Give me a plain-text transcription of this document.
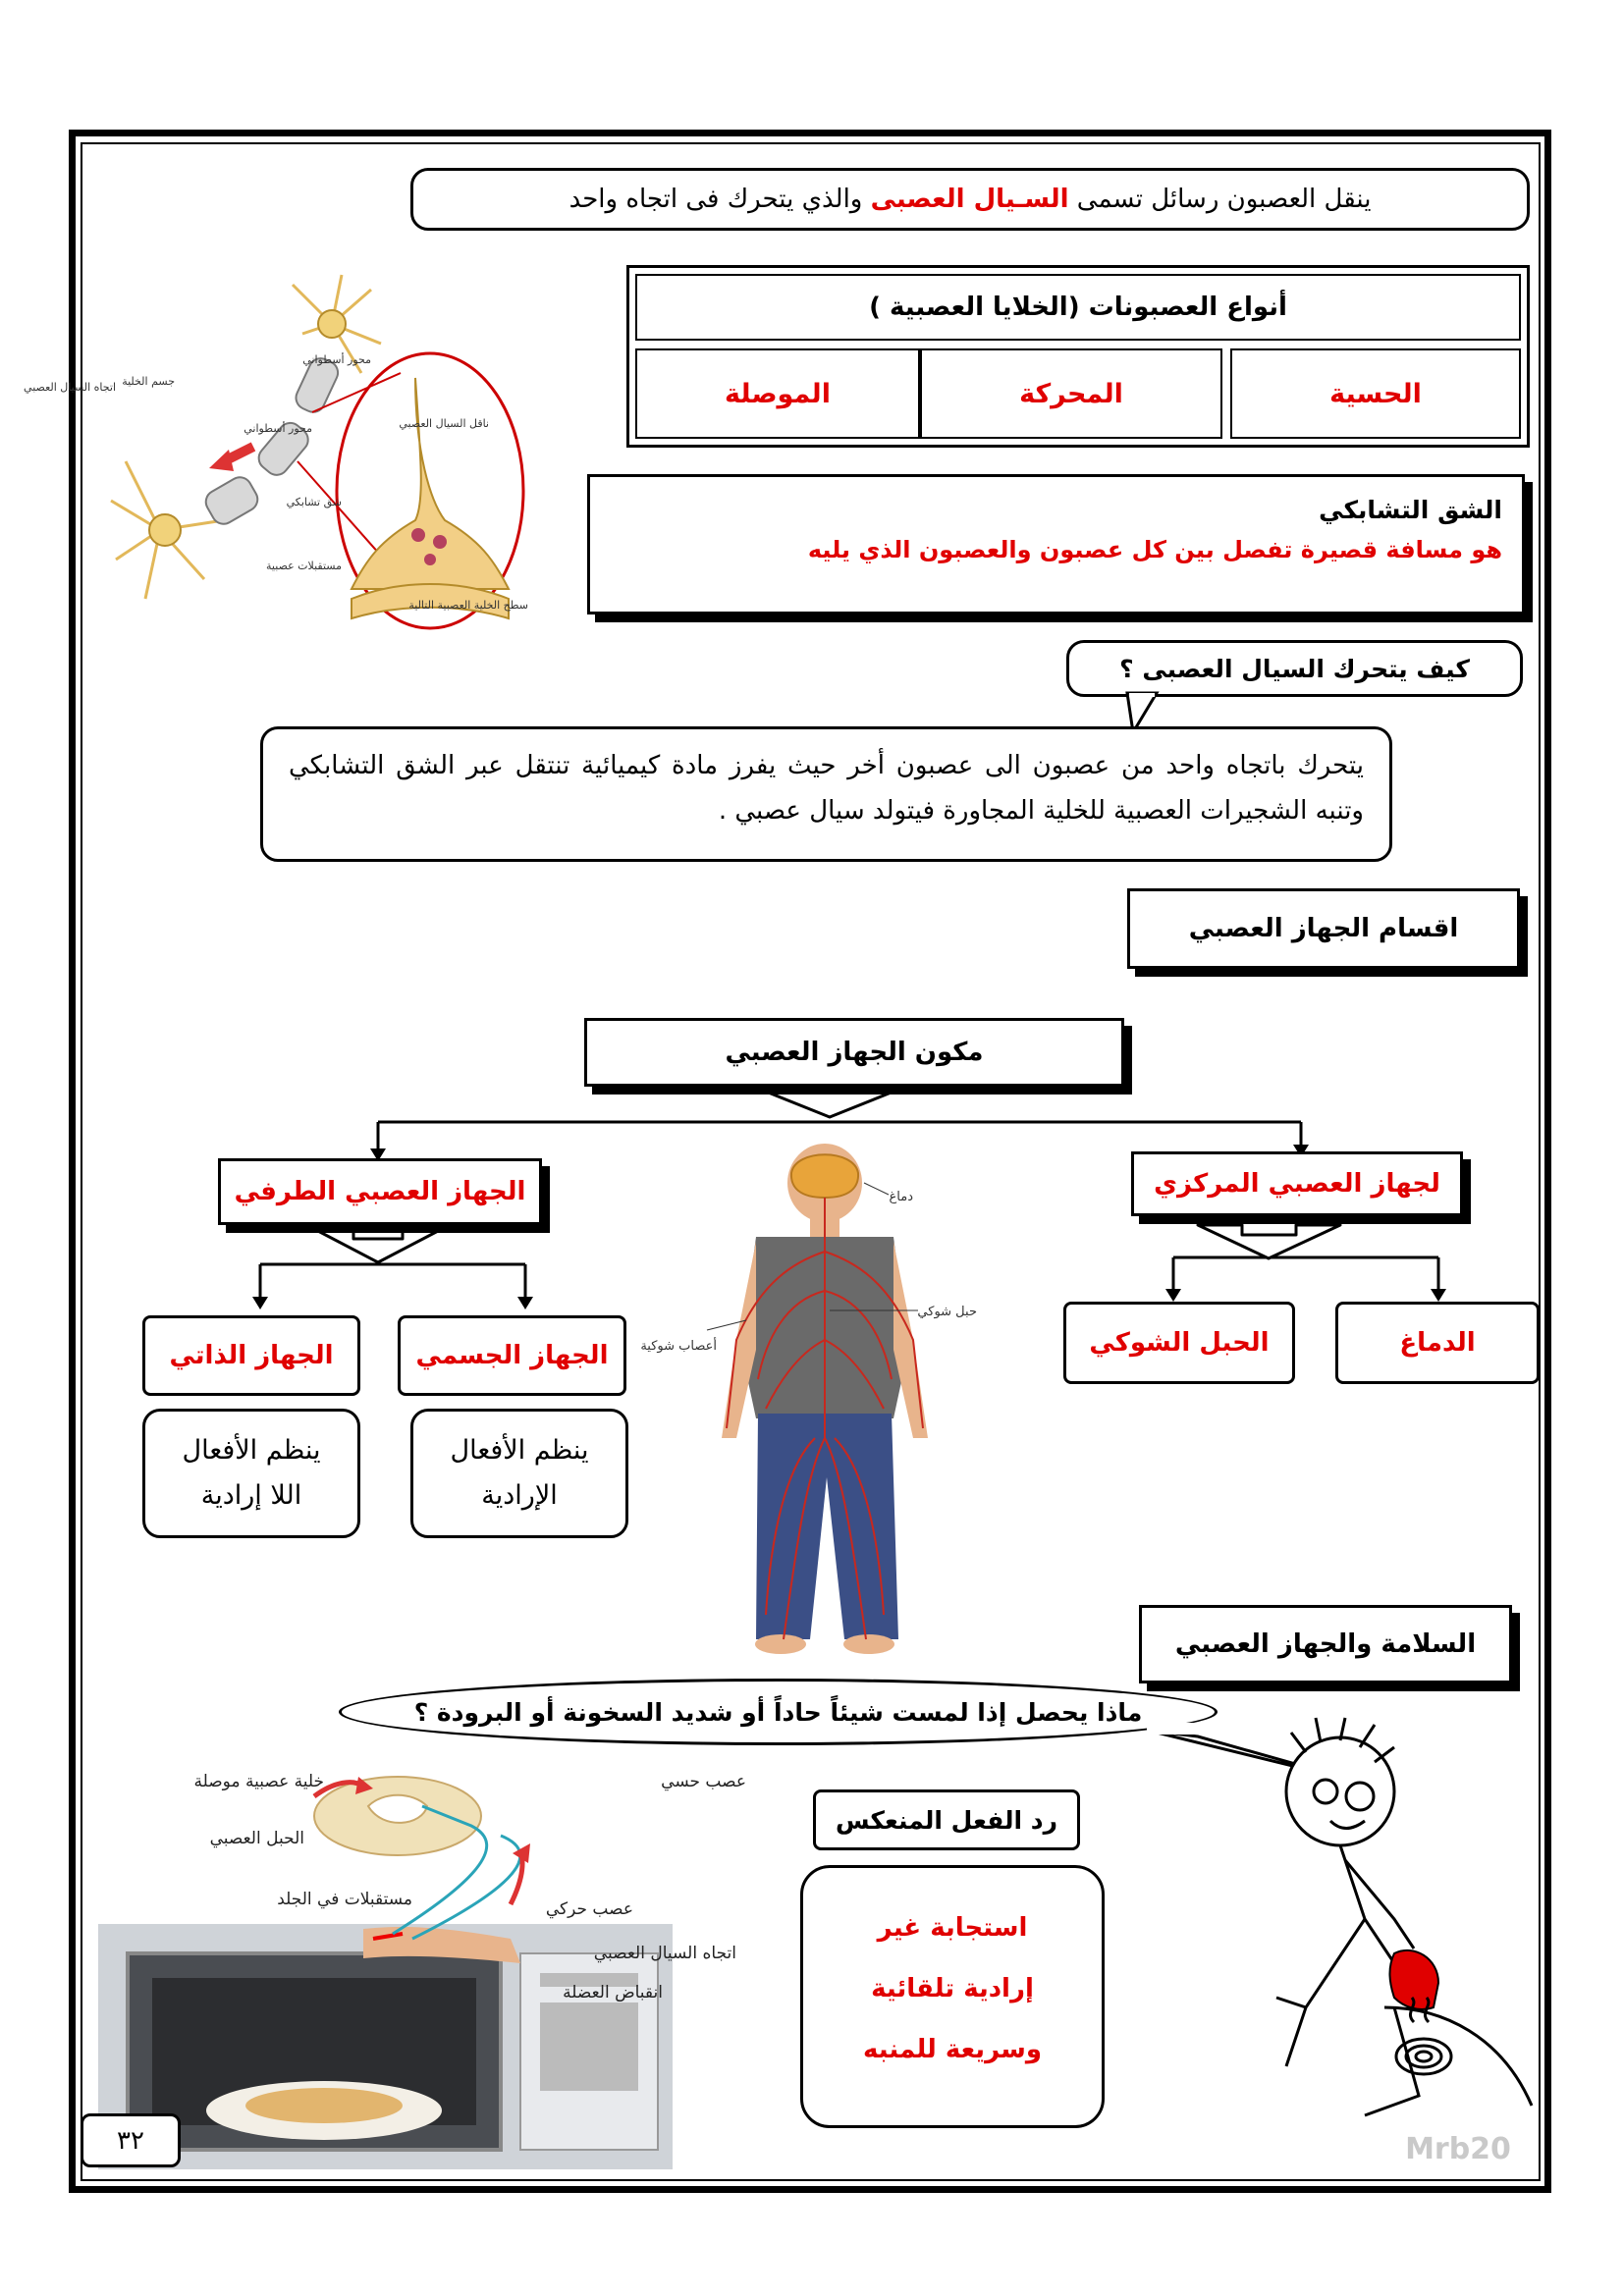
ينقل العصبون رسائل تسمى السـيال العصبى والذي يتحرك فى اتجاه واحد
أنواع العصبونات (الخلايا العصبية )
الحسية
المحركة
الموصلة
جسم الخلية
اتجاه السيال العصبي
محور أسطواني
محور أسطواني	ناقل السيال العصبي
شق تشابكي
مستقبلات عصبية
سطح الخلية العصبية التالية
الشق التشابكي
هو مسافة قصيرة تفصل بين كل عصبون والعصبون الذي يليه
كيف يتحرك السيال العصبى ؟
يتحرك باتجاه واحد من عصبون الى عصبون أخر حيث يفرز مادة كيميائية تنتقل عبر الشق التشابكي وتنبه الشجيرات العصبية للخلية المجاورة فيتولد سيال عصبي .
اقسام الجهاز العصبي
مكون الجهاز العصبي
لجهاز العصبي المركزي
الجهاز العصبي الطرفي
الدماغ
الحبل الشوكي
الجهاز الجسمي
الجهاز الذاتي
ينظم الأفعال الإرادية
ينظم الأفعال اللا إرادية
دماغ
حبل شوكي
أعصاب شوكية
السلامة والجهاز العصبي
ماذا يحصل إذا لمست شيئاً حاداً أو شديد السخونة أو البرودة ؟
رد الفعل المنعكس
استجابة غير
إرادية تلقائية
وسريعة للمنبه
عصب حسي
خلية عصبية موصلة
الحبل العصبي
مستقبلات في الجلد	عصب حركي
اتجاه السيال العصبي
انقباض العضلة
٣٢	Mrb20
